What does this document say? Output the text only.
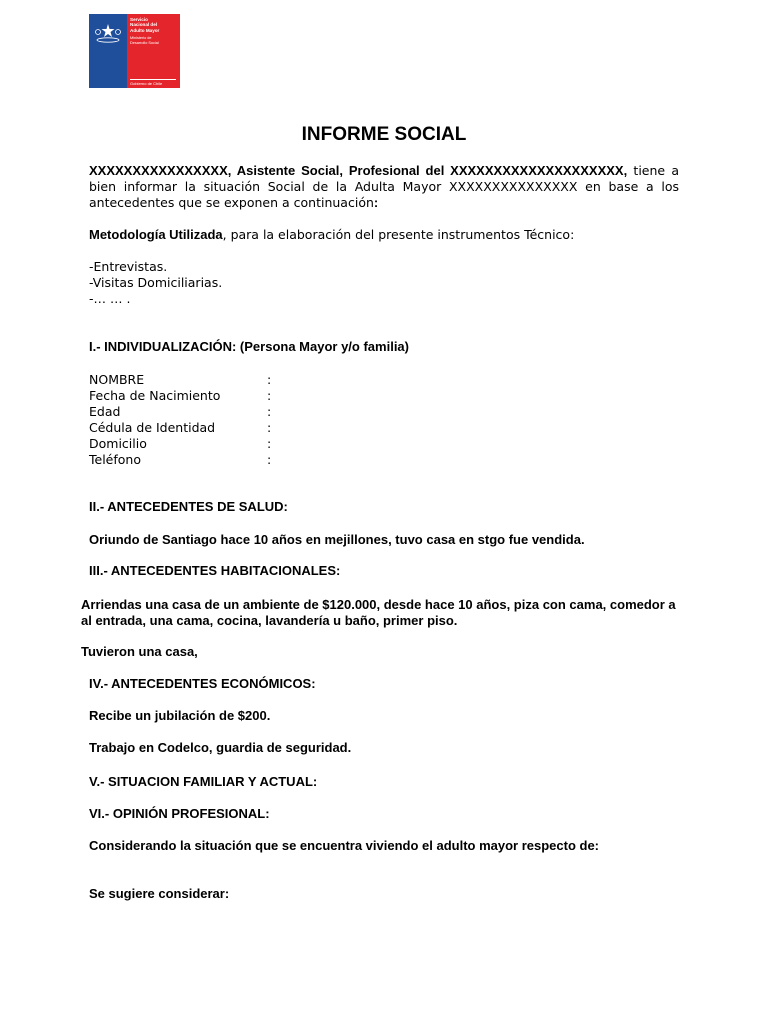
Servicio
Nacional del
Adulto Mayor
Ministerio de
Desarrollo Social
Gobierno de Chile
INFORME SOCIAL
XXXXXXXXXXXXXXXX, Asistente Social, Profesional del XXXXXXXXXXXXXXXXXXXX, tiene a bien informar la situación Social de la Adulta Mayor XXXXXXXXXXXXXXX en base a los antecedentes que se exponen a continuación:
Metodología Utilizada, para la elaboración del presente instrumentos Técnico:
-Entrevistas.
-Visitas Domiciliarias.
-… … .
I.- INDIVIDUALIZACIÓN: (Persona Mayor y/o familia)
NOMBRE	:
Fecha de Nacimiento	:
Edad	:
Cédula de Identidad	:
Domicilio	:
Teléfono	:
II.- ANTECEDENTES DE SALUD:
Oriundo de Santiago hace 10 años en mejillones, tuvo casa en stgo fue vendida.
III.- ANTECEDENTES HABITACIONALES:
Arriendas una casa de un ambiente de $120.000, desde hace 10 años, piza con cama, comedor a al entrada, una cama, cocina, lavandería u baño, primer piso.
Tuvieron una casa,
IV.- ANTECEDENTES ECONÓMICOS:
Recibe un jubilación de $200.
Trabajo en Codelco, guardia de seguridad.
V.- SITUACION FAMILIAR Y ACTUAL:
VI.- OPINIÓN PROFESIONAL:
Considerando la situación que se encuentra viviendo el adulto mayor respecto de:
Se sugiere considerar:
